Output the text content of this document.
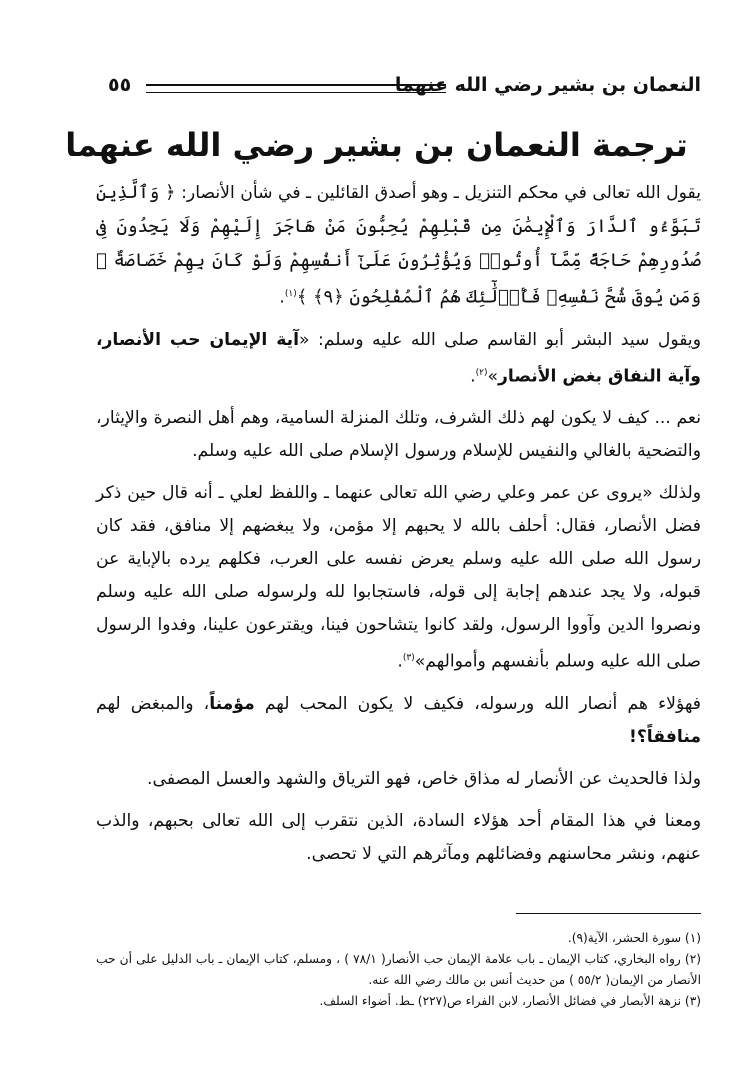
النعمان بن بشير رضي الله عنهما
٥٥
ترجمة النعمان بن بشير رضي الله عنهما

يقول الله تعالى في محكم التنزيل ـ وهو أصدق القائلين ـ في شأن الأنصار: ﴿ وَٱلَّذِينَ تَبَوَّءُو ٱلدَّارَ وَٱلْإِيمَٰنَ مِن قَبْلِهِمْ يُحِبُّونَ مَنْ هَاجَرَ إِلَيْهِمْ وَلَا يَجِدُونَ فِى صُدُورِهِمْ حَاجَةً مِّمَّآ أُوتُوا۟ وَيُؤْثِرُونَ عَلَىٰٓ أَنفُسِهِمْ وَلَوْ كَانَ بِهِمْ خَصَاصَةٌ ۚ وَمَن يُوقَ شُحَّ نَفْسِهِۦ فَأُو۟لَٰٓئِكَ هُمُ ٱلْمُفْلِحُونَ ﴿٩﴾ ﴾$^{(١)}$.

ويقول سيد البشر أبو القاسم صلى الله عليه وسلم: «آية الإيمان حب الأنصار، وآية النفاق بغض الأنصار»$^{(٢)}$.

نعم ... كيف لا يكون لهم ذلك الشرف، وتلك المنزلة السامية، وهم أهل النصرة والإيثار، والتضحية بالغالي والنفيس للإسلام ورسول الإسلام صلى الله عليه وسلم.

ولذلك «يروى عن عمر وعلي رضي الله تعالى عنهما ـ واللفظ لعلي ـ أنه قال حين ذكر فضل الأنصار، فقال: أحلف بالله لا يحبهم إلا مؤمن، ولا يبغضهم إلا منافق، فقد كان رسول الله صلى الله عليه وسلم يعرض نفسه على العرب، فكلهم يرده بالإباية عن قبوله، ولا يجد عندهم إجابة إلى قوله، فاستجابوا لله ولرسوله صلى الله عليه وسلم ونصروا الدين وآووا الرسول، ولقد كانوا يتشاحون فينا، ويقترعون علينا، وفدوا الرسول صلى الله عليه وسلم بأنفسهم وأموالهم»$^{(٣)}$.

فهؤلاء هم أنصار الله ورسوله، فكيف لا يكون المحب لهم مؤمناً، والمبغض لهم منافقاً؟!

ولذا فالحديث عن الأنصار له مذاق خاص، فهو الترياق والشهد والعسل المصفى.

ومعنا في هذا المقام أحد هؤلاء السادة، الذين نتقرب إلى الله تعالى بحبهم، والذب عنهم، ونشر محاسنهم وفضائلهم ومآثرهم التي لا تحصى.

(١) سورة الحشر، الآية(٩).

(٢) رواه البخاري، كتاب الإيمان ـ باب علامة الإيمان حب الأنصار( ٧٨/١ ) ، ومسلم، كتاب الإيمان ـ باب الدليل على أن حب الأنصار من الإيمان( ٥٥/٢ ) من حديث أنس بن مالك رضي الله عنه.

(٣) نزهة الأبصار في فضائل الأنصار، لابن الفراء ص(٢٢٧) ـط. أضواء السلف.
